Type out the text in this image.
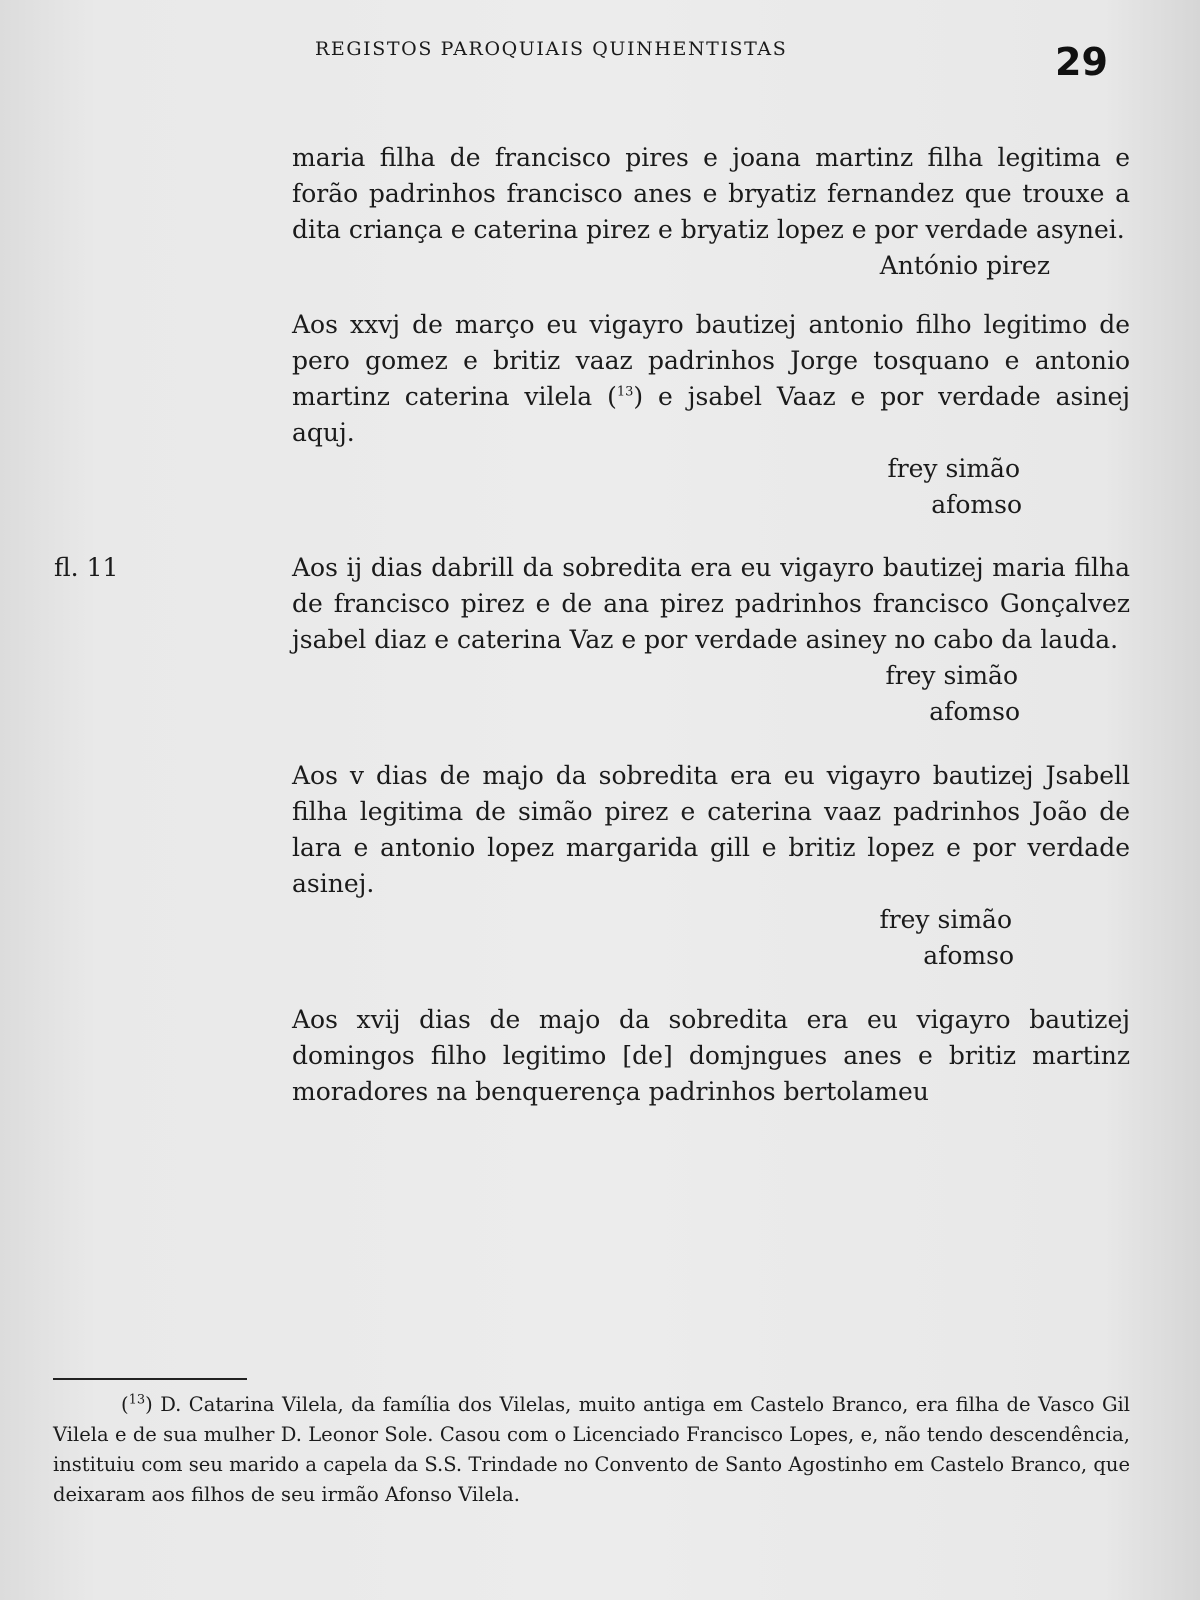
REGISTOS PAROQUIAIS QUINHENTISTAS	29

maria filha de francisco pires e joana martinz filha legitima e forão padrinhos francisco anes e bryatiz fernandez que trouxe a dita criança e caterina pirez e bryatiz lopez e por verdade asynei.

António pirez

Aos xxvj de março eu vigayro bautizej antonio filho legitimo de pero gomez e britiz vaaz padrinhos Jorge tosquano e antonio martinz caterina vilela ($^{13}$) e jsabel Vaaz e por verdade asinej aquj.

frey simão

afomso

fl. 11	Aos ij dias dabrill da sobredita era eu vigayro bautizej maria filha de francisco pirez e de ana pirez padrinhos francisco Gonçalvez jsabel diaz e caterina Vaz e por verdade asiney no cabo da lauda.

frey simão

afomso

Aos v dias de majo da sobredita era eu vigayro bautizej Jsabell filha legitima de simão pirez e caterina vaaz padrinhos João de lara e antonio lopez margarida gill e britiz lopez e por verdade asinej.

frey simão

afomso

Aos xvij dias de majo da sobredita era eu vigayro bautizej domingos filho legitimo [de] domjngues anes e britiz martinz moradores na benquerença padrinhos bertolameu

($^{13}$) D. Catarina Vilela, da família dos Vilelas, muito antiga em Castelo Branco, era filha de Vasco Gil Vilela e de sua mulher D. Leonor Sole. Casou com o Licenciado Francisco Lopes, e, não tendo descendência, instituiu com seu marido a capela da S.S. Trindade no Convento de Santo Agostinho em Castelo Branco, que deixaram aos filhos de seu irmão Afonso Vilela.
